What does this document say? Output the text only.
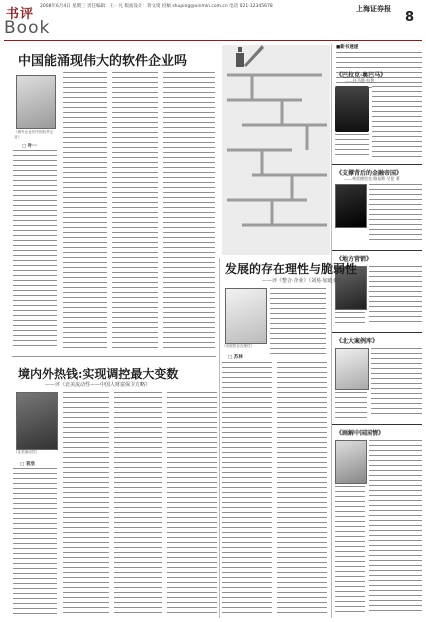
书评
Book
2008年6月4日 星期三 责任编辑：王一凡 版面设计：蒋文琦 投稿 shuping@xinmin.com.cn 电话 021-12345678	上海证券报
8
中国能涌现伟大的软件企业吗
《海外企业的中国软件企业》
□ 叶一
■新书速递
《巴拉克·奥巴马》
——托马斯·拉普
《支撑背后的金融帝国》
——弗雷德里克·路易斯·艾伦 著
《地方营销》
《北大案例库》
《画解中国国情》
发展的存在理性与脆弱性
——评《整合·企业》（刘易·加迪亚）
《发展的存在理性》
□ 苏林
境内外热钱:实现调控最大变数
——评《北美流动性——中国人财富保卫方略》
《北美流动性》
□ 袁浩
